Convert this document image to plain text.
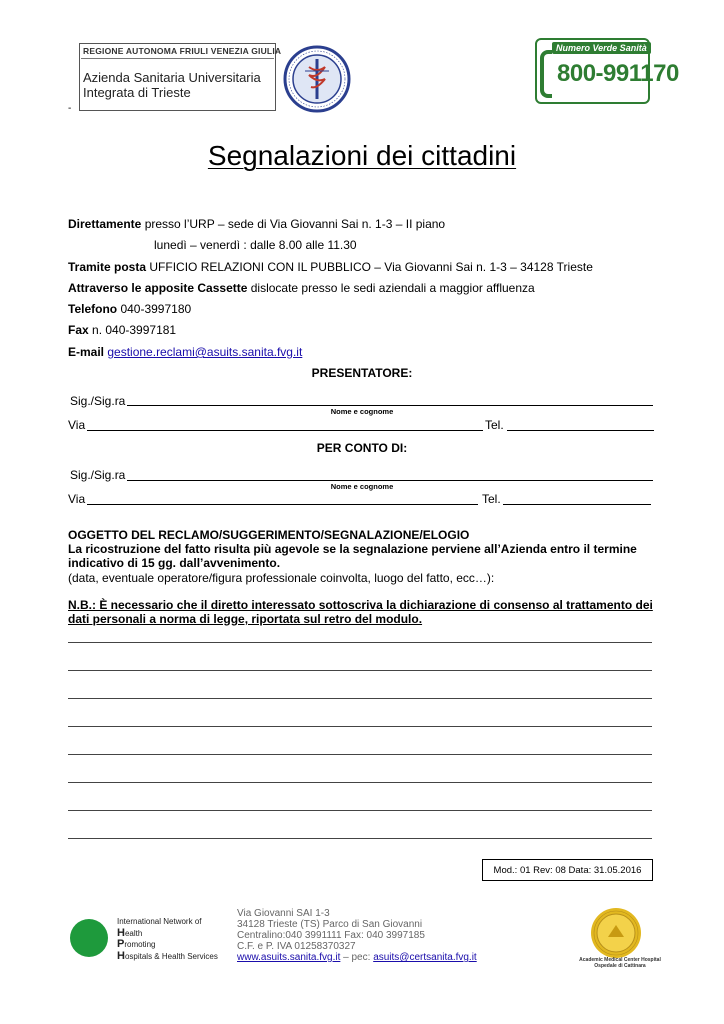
REGIONE AUTONOMA FRIULI VENEZIA GIULIA
Azienda Sanitaria Universitaria
Integrata di Trieste
-
Numero Verde Sanità
800-991170
Segnalazioni dei cittadini
Direttamente presso l’URP – sede di Via Giovanni Sai n. 1-3 – II piano
lunedì – venerdì : dalle 8.00 alle 11.30
Tramite posta UFFICIO RELAZIONI CON IL PUBBLICO – Via Giovanni Sai n. 1-3 – 34128 Trieste
Attraverso le apposite Cassette dislocate presso le sedi aziendali a maggior affluenza
Telefono 040-3997180
Fax n. 040-3997181
E-mail gestione.reclami@asuits.sanita.fvg.it
PRESENTATORE:
Sig./Sig.ra
Nome e cognome
Via	Tel.
PER CONTO DI:
Sig./Sig.ra
Nome e cognome
Via	Tel.
OGGETTO DEL RECLAMO/SUGGERIMENTO/SEGNALAZIONE/ELOGIO
La ricostruzione del fatto risulta più agevole se la segnalazione perviene all’Azienda entro il termine indicativo di 15 gg. dall’avvenimento.
(data, eventuale operatore/figura professionale coinvolta, luogo del fatto, ecc…):
N.B.: È necessario che il diretto interessato sottoscriva la dichiarazione di consenso al trattamento dei dati personali a norma di legge, riportata sul retro del modulo.
Mod.: 01 Rev: 08 Data: 31.05.2016
International Network of
Health
Promoting
Hospitals & Health Services
Via Giovanni SAI 1-3
34128 Trieste (TS) Parco di San Giovanni
Centralino:040 3991111 Fax: 040 3997185
C.F. e P. IVA 01258370327
www.asuits.sanita.fvg.it – pec: asuits@certsanita.fvg.it	Academic Medical Center Hospital
Ospedale di Cattinara
